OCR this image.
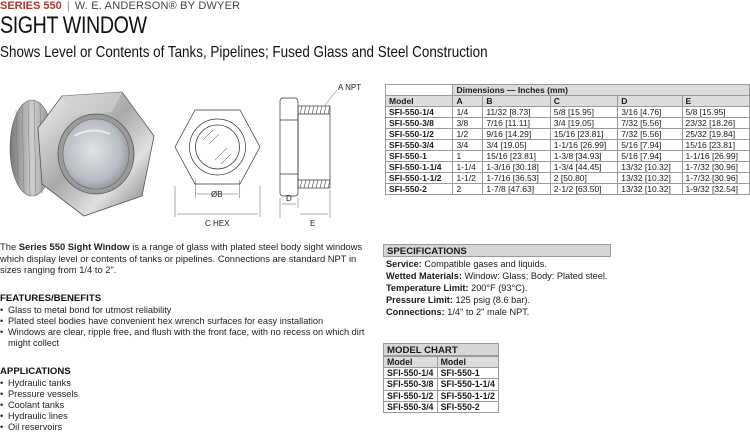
SERIES 550 | W. E. ANDERSON® BY DWYER
SIGHT WINDOW
Shows Level or Contents of Tanks, Pipelines; Fused Glass and Steel Construction
A NPT
ØB	D
C HEX	E
	Dimensions — Inches (mm)				
Model	A	B	C	D	E
SFI-550-1/4	1/4	11/32 [8.73]	5/8 [15.95]	3/16 [4.76]	5/8 [15.95]
SFI-550-3/8	3/8	7/16 [11.11]	3/4 [19.05]	7/32 [5.56]	23/32 [18.26]
SFI-550-1/2	1/2	9/16 [14.29]	15/16 [23.81]	7/32 [5.56]	25/32 [19.84]
SFI-550-3/4	3/4	3/4 [19.05]	1-1/16 [26.99]	5/16 [7.94]	15/16 [23.81]
SFI-550-1	1	15/16 [23.81]	1-3/8 [34.93]	5/16 [7.94]	1-1/16 [26.99]
SFI-550-1-1/4	1-1/4	1-3/16 [30.18]	1-3/4 [44.45]	13/32 [10.32]	1-7/32 [30.96]
SFI-550-1-1/2	1-1/2	1-7/16 [36.53]	2 [50.80]	13/32 [10.32]	1-7/32 [30.96]
SFI-550-2	2	1-7/8 [47.63]	2-1/2 [63.50]	13/32 [10.32]	1-9/32 [32.54]

The Series 550 Sight Window is a range of glass with plated steel body sight windows which display level or contents of tanks or pipelines. Connections are standard NPT in sizes ranging from 1/4 to 2".

FEATURES/BENEFITS
• Glass to metal bond for utmost reliability
• Plated steel bodies have convenient hex wrench surfaces for easy installation
• Windows are clear, ripple free, and flush with the front face, with no recess on which dirt might collect
APPLICATIONS
• Hydraulic tanks
• Pressure vessels
• Coolant tanks
• Hydraulic lines
• Oil reservoirs
SPECIFICATIONS
Service: Compatible gases and liquids.
Wetted Materials: Window: Glass; Body: Plated steel.
Temperature Limit: 200°F (93°C).
Pressure Limit: 125 psig (8.6 bar).
Connections: 1/4" to 2" male NPT.
MODEL CHART
Model	Model
SFI-550-1/4	SFI-550-1
SFI-550-3/8	SFI-550-1-1/4
SFI-550-1/2	SFI-550-1-1/2
SFI-550-3/4	SFI-550-2
